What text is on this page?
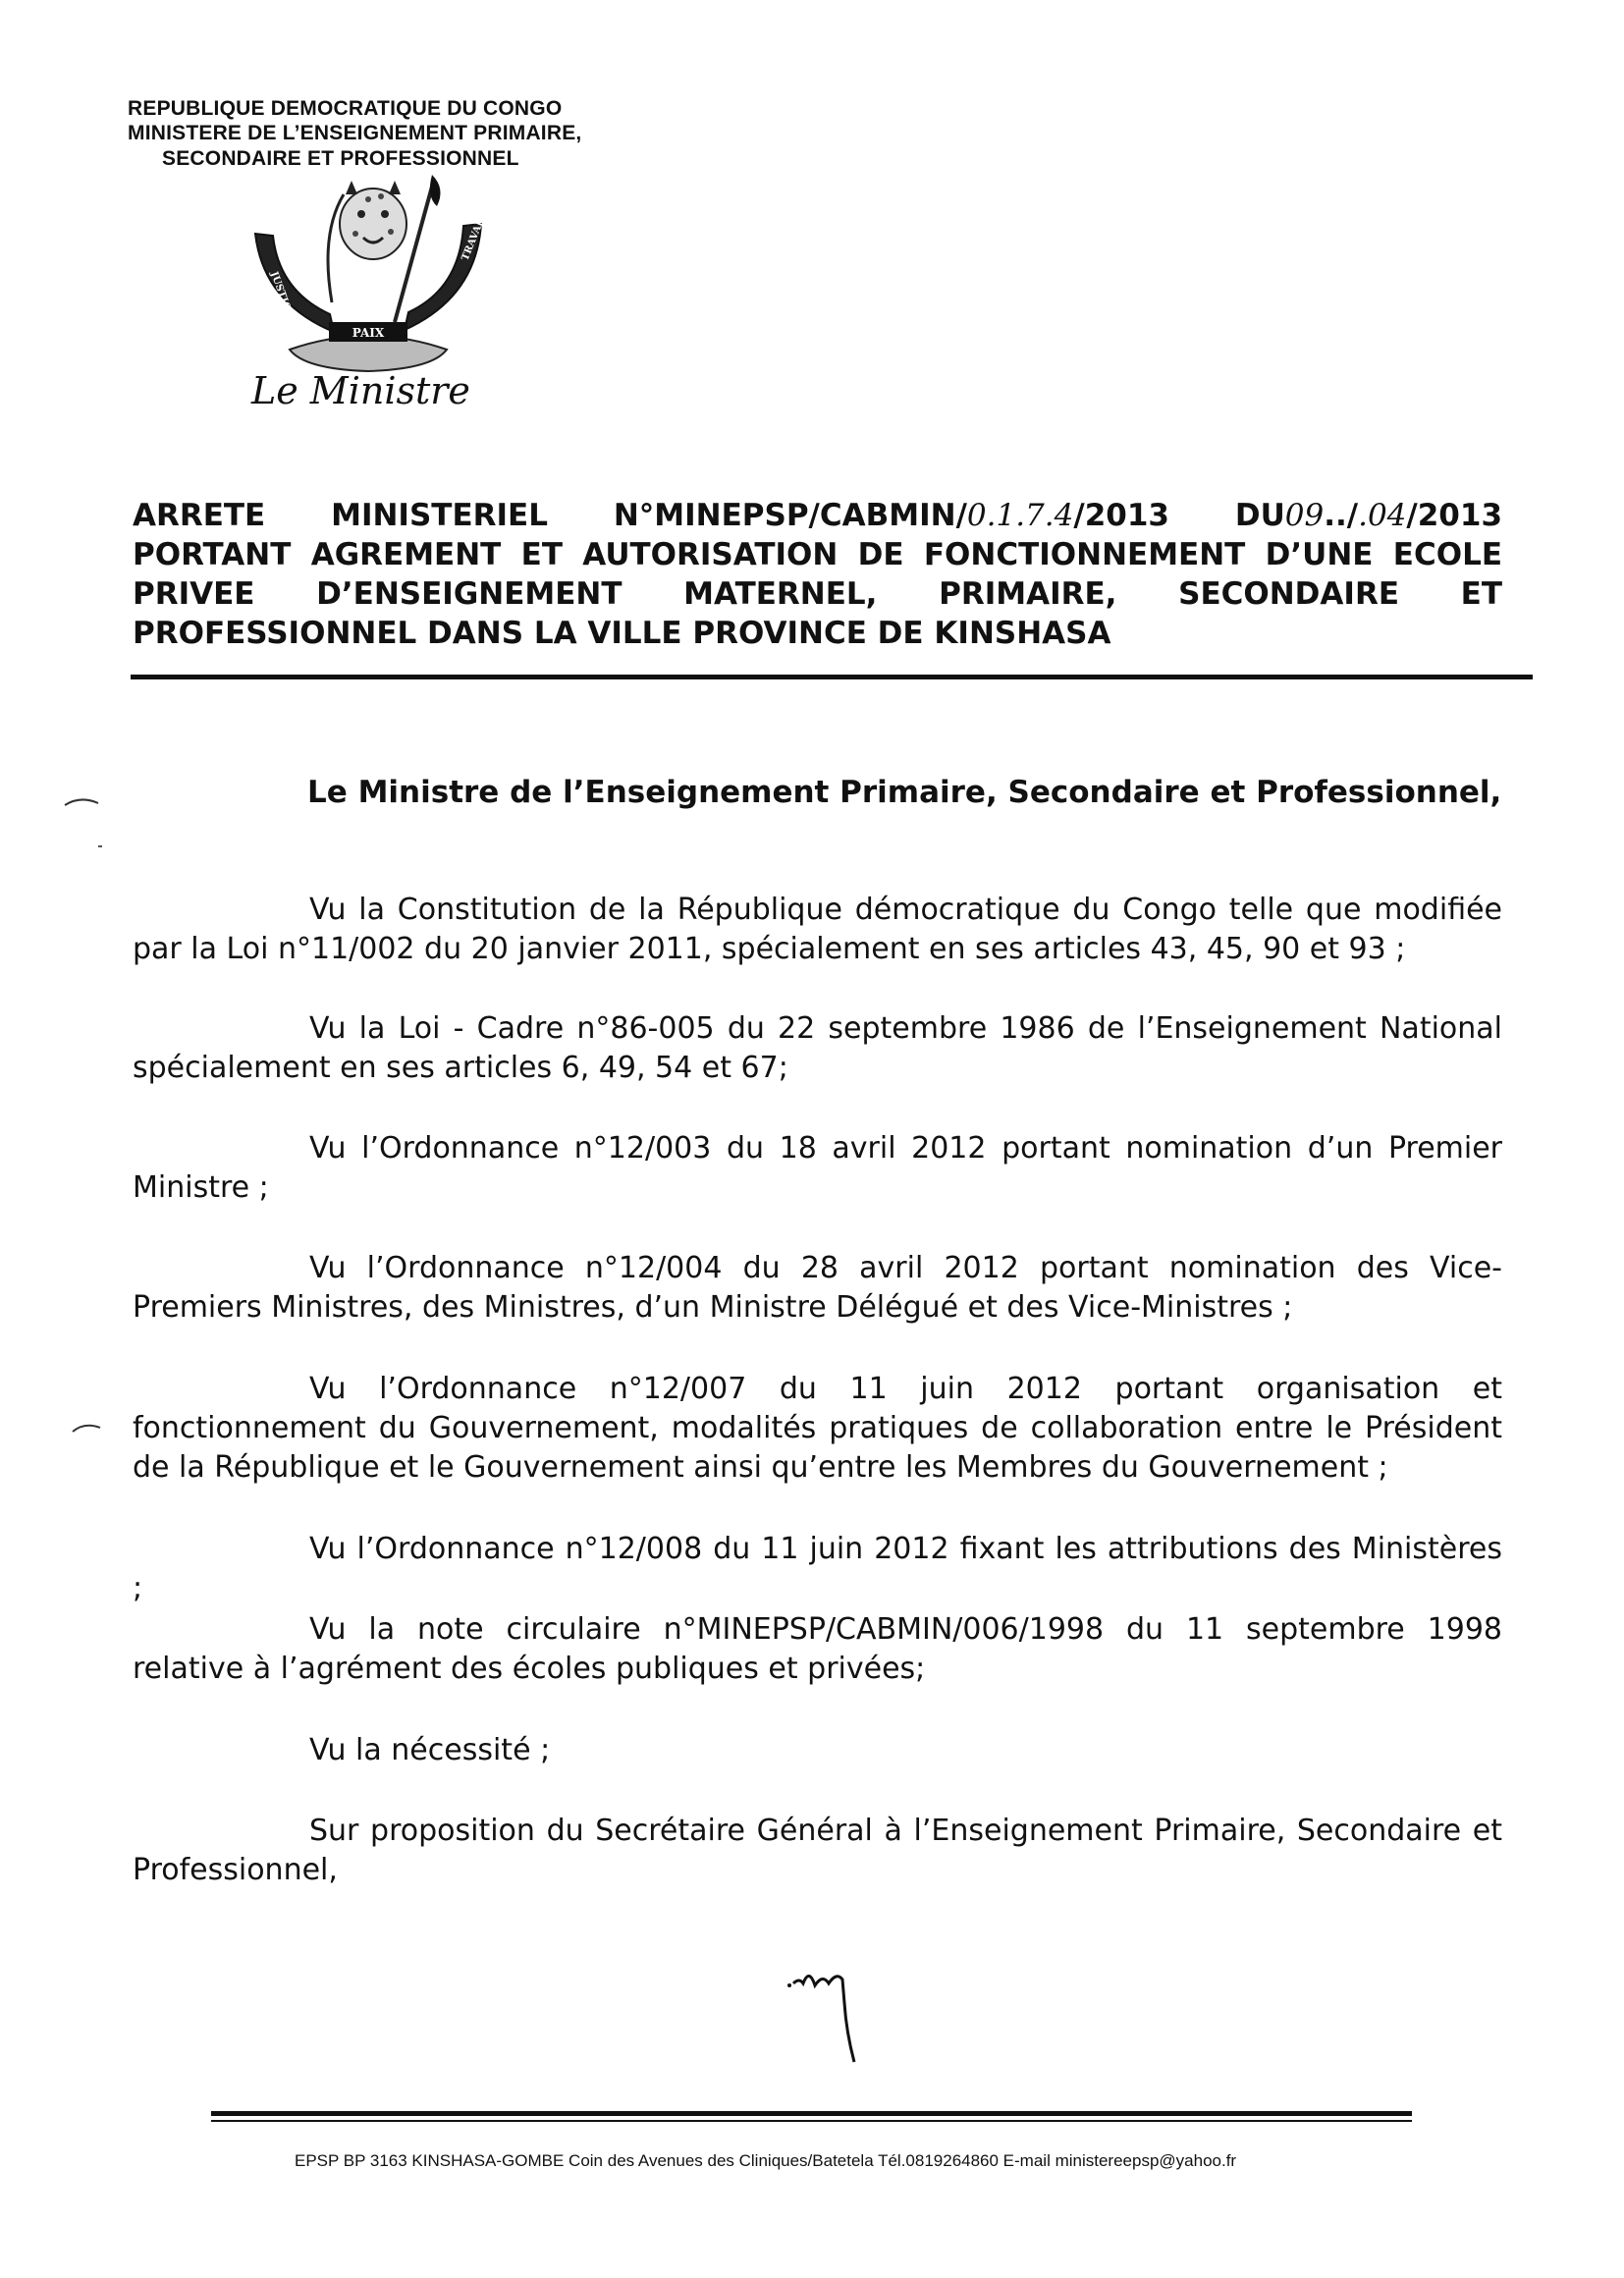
REPUBLIQUE DEMOCRATIQUE DU CONGO
MINISTERE DE L’ENSEIGNEMENT PRIMAIRE,
SECONDAIRE ET PROFESSIONNEL
PAIX
JUSTICE
TRAVAIL
Le Ministre
ARRETE MINISTERIEL N°MINEPSP/CABMIN/0.1.7.4/2013 DU09../.04/2013
PORTANT AGREMENT ET AUTORISATION DE FONCTIONNEMENT D’UNE ECOLE
PRIVEE D’ENSEIGNEMENT MATERNEL, PRIMAIRE, SECONDAIRE ET
PROFESSIONNEL DANS LA VILLE PROVINCE DE KINSHASA
Le Ministre de l’Enseignement Primaire, Secondaire et Professionnel,

Vu la Constitution de la République démocratique du Congo telle que modifiée par la Loi n°11/002 du 20 janvier 2011, spécialement en ses articles 43, 45, 90 et 93 ;

Vu la Loi - Cadre n°86-005 du 22 septembre 1986 de l’Enseignement National spécialement en ses articles 6, 49, 54 et 67;

Vu l’Ordonnance n°12/003 du 18 avril 2012 portant nomination d’un Premier Ministre ;

Vu l’Ordonnance n°12/004 du 28 avril 2012 portant nomination des Vice-Premiers Ministres, des Ministres, d’un Ministre Délégué et des Vice-Ministres ;

Vu l’Ordonnance n°12/007 du 11 juin 2012 portant organisation et fonctionnement du Gouvernement, modalités pratiques de collaboration entre le Président de la République et le Gouvernement ainsi qu’entre les Membres du Gouvernement ;

Vu l’Ordonnance n°12/008 du 11 juin 2012 fixant les attributions des Ministères ;

Vu la note circulaire n°MINEPSP/CABMIN/006/1998 du 11 septembre 1998 relative à l’agrément des écoles publiques et privées;

Vu la nécessité ;

Sur proposition du Secrétaire Général à l’Enseignement Primaire, Secondaire et Professionnel,

EPSP BP 3163 KINSHASA-GOMBE Coin des Avenues des Cliniques/Batetela Tél.0819264860 E-mail ministereepsp@yahoo.fr
